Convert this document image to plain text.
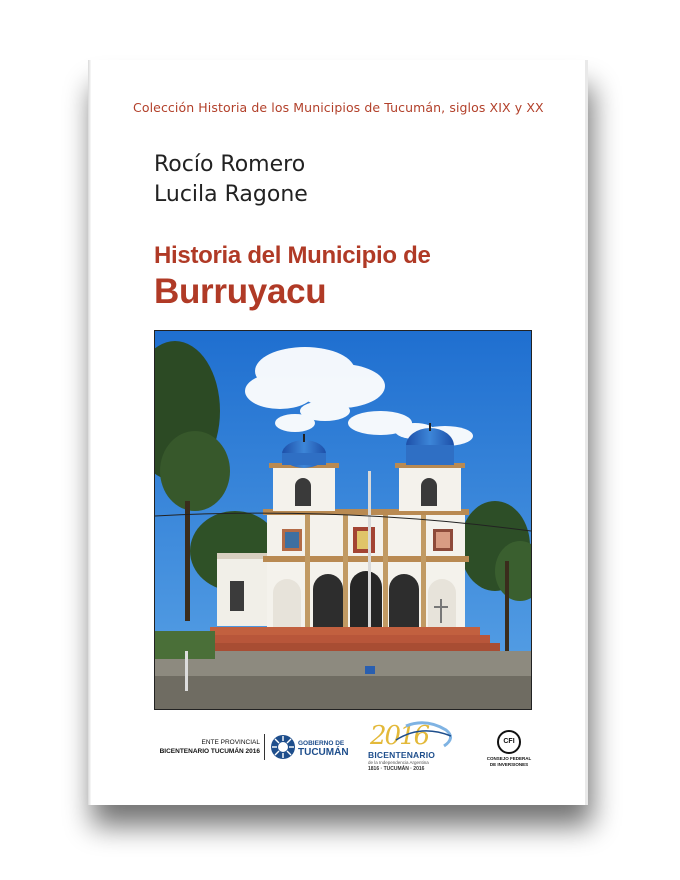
Colección Historia de los Municipios de Tucumán, siglos XIX y XX
Rocío Romero
Lucila Ragone
Historia del Municipio de
Burruyacu
ENTE PROVINCIAL
BICENTENARIO TUCUMÁN 2016
GOBIERNO DE
TUCUMÁN
2016
BICENTENARIO
de la Independencia Argentina
1816 · TUCUMÁN · 2016
CFI
CONSEJO FEDERAL
DE INVERSIONES
